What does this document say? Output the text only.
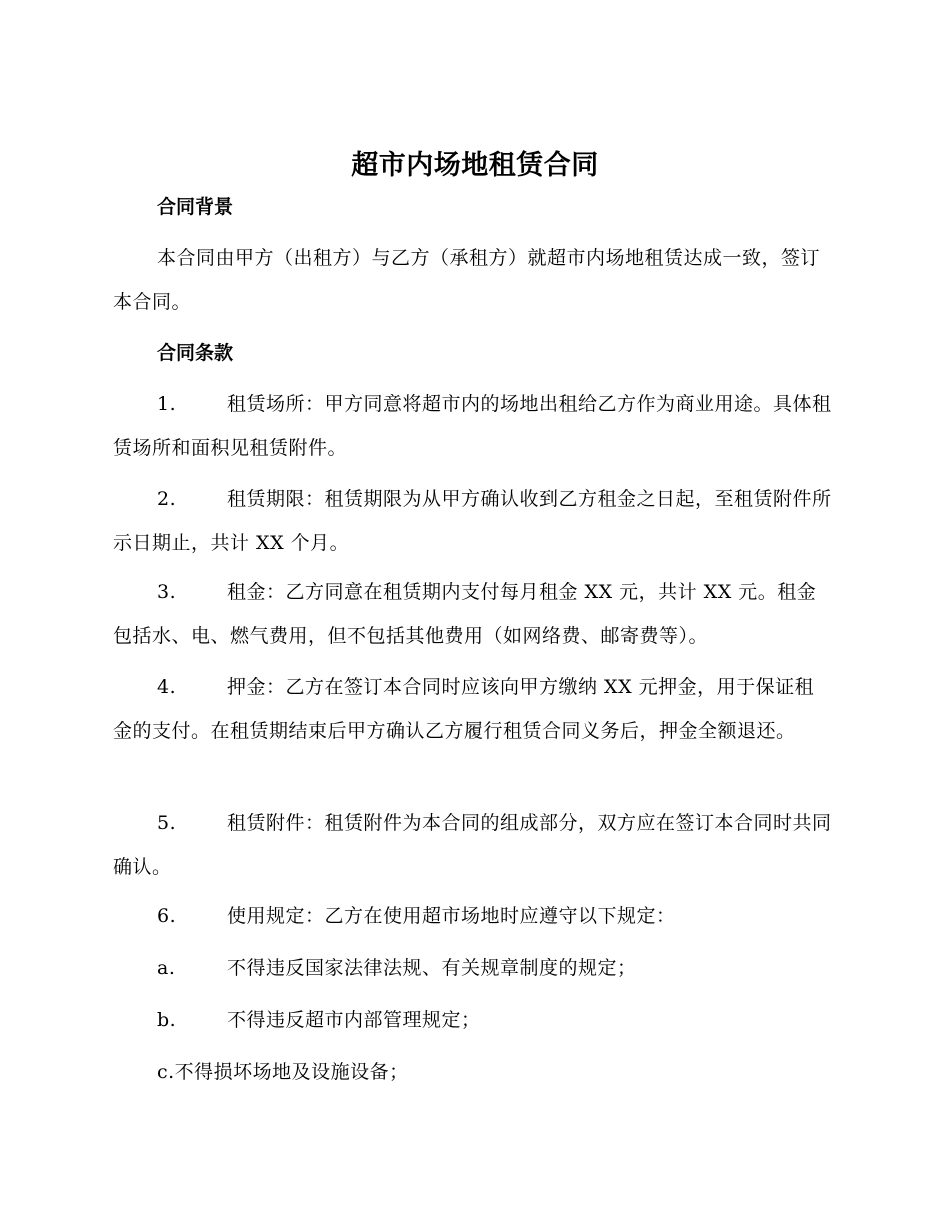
超市内场地租赁合同
合同背景
本合同由甲方（出租方）与乙方（承租方）就超市内场地租赁达成一致，签订本合同。
合同条款
1.	租赁场所：甲方同意将超市内的场地出租给乙方作为商业用途。具体租赁场所和面积见租赁附件。
2.	租赁期限：租赁期限为从甲方确认收到乙方租金之日起，至租赁附件所示日期止，共计 XX 个月。
3.	租金：乙方同意在租赁期内支付每月租金 XX 元，共计 XX 元。租金包括水、电、燃气费用，但不包括其他费用（如网络费、邮寄费等）。
4.	押金：乙方在签订本合同时应该向甲方缴纳 XX 元押金，用于保证租金的支付。在租赁期结束后甲方确认乙方履行租赁合同义务后，押金全额退还。
5.	租赁附件：租赁附件为本合同的组成部分，双方应在签订本合同时共同确认。
6.	使用规定：乙方在使用超市场地时应遵守以下规定：
a.	不得违反国家法律法规、有关规章制度的规定；
b.	不得违反超市内部管理规定；
c.不得损坏场地及设施设备；
